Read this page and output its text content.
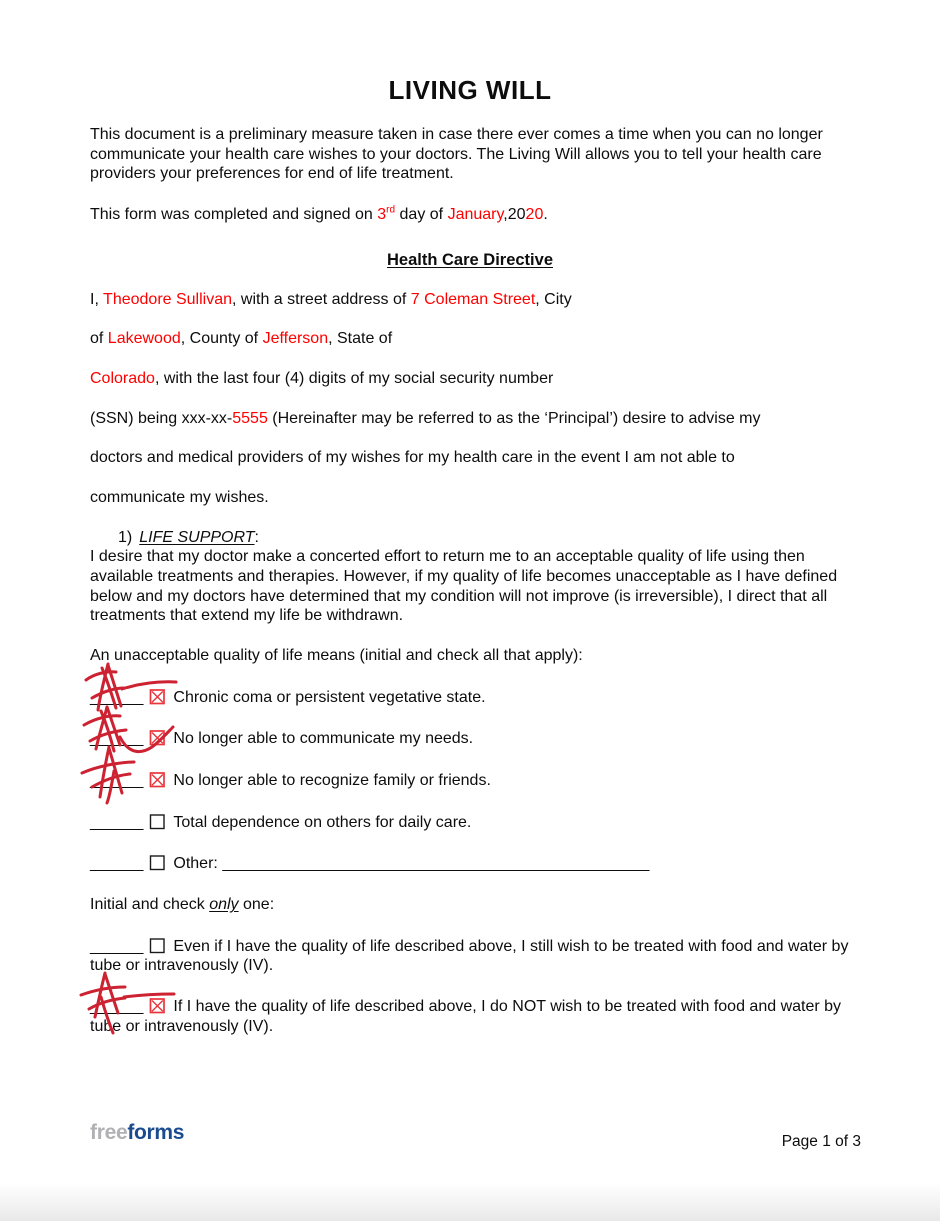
LIVING WILL

This document is a preliminary measure taken in case there ever comes a time when you can no longer communicate your health care wishes to your doctors. The Living Will allows you to tell your health care providers your preferences for end of life treatment.

This form was completed and signed on 3rd day of January,2020.

Health Care Directive

I, Theodore Sullivan, with a street address of 7 Coleman Street, City

of Lakewood, County of Jefferson, State of

Colorado, with the last four (4) digits of my social security number

(SSN) being xxx-xx-5555 (Hereinafter may be referred to as the ‘Principal’) desire to advise my

doctors and medical providers of my wishes for my health care in the event I am not able to

communicate my wishes.

1) LIFE SUPPORT:

I desire that my doctor make a concerted effort to return me to an acceptable quality of life using then available treatments and therapies. However, if my quality of life becomes unacceptable as I have defined below and my doctors have determined that my condition will not improve (is irreversible), I direct that all treatments that extend my life be withdrawn.

An unacceptable quality of life means (initial and check all that apply):

______ Chronic coma or persistent vegetative state.

______ No longer able to communicate my needs.

______ No longer able to recognize family or friends.

______ Total dependence on others for daily care.

______ Other: ________________________________________________

Initial and check only one:

______ Even if I have the quality of life described above, I still wish to be treated with food and water by tube or intravenously (IV).

______ If I have the quality of life described above, I do NOT wish to be treated with food and water by tube or intravenously (IV).

freeforms	Page 1 of 3
